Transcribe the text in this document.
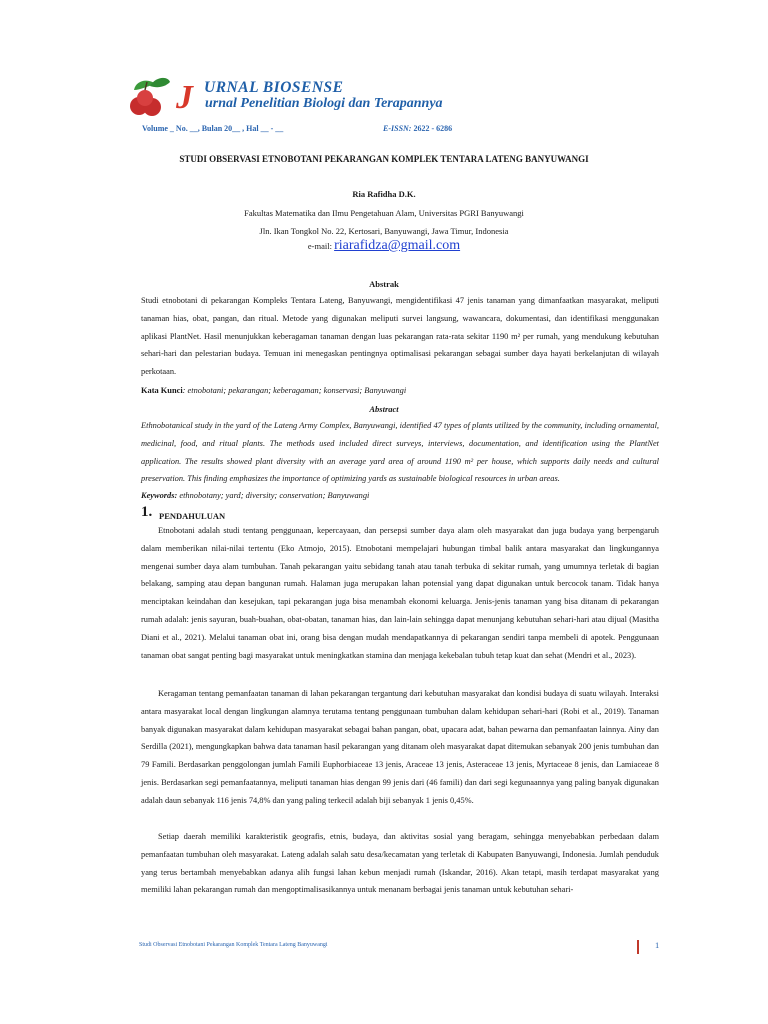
J URNAL BIOSENSE
urnal Penelitian Biologi dan Terapannya
Volume _ No. __, Bulan 20__ , Hal __ - __	E-ISSN: 2622 - 6286
STUDI OBSERVASI ETNOBOTANI PEKARANGAN KOMPLEK TENTARA LATENG BANYUWANGI
Ria Rafidha D.K.
Fakultas Matematika dan Ilmu Pengetahuan Alam, Universitas PGRI Banyuwangi
Jln. Ikan Tongkol No. 22, Kertosari, Banyuwangi, Jawa Timur, Indonesia
e-mail: riarafidza@gmail.com
Abstrak

Studi etnobotani di pekarangan Kompleks Tentara Lateng, Banyuwangi, mengidentifikasi 47 jenis tanaman yang dimanfaatkan masyarakat, meliputi tanaman hias, obat, pangan, dan ritual. Metode yang digunakan meliputi survei langsung, wawancara, dokumentasi, dan identifikasi menggunakan aplikasi PlantNet. Hasil menunjukkan keberagaman tanaman dengan luas pekarangan rata-rata sekitar 1190 m² per rumah, yang mendukung kebutuhan sehari-hari dan pelestarian budaya. Temuan ini menegaskan pentingnya optimalisasi pekarangan sebagai sumber daya hayati berkelanjutan di wilayah perkotaan.

Kata Kunci: etnobotani; pekarangan; keberagaman; konservasi; Banyuwangi
Abstract

Ethnobotanical study in the yard of the Lateng Army Complex, Banyuwangi, identified 47 types of plants utilized by the community, including ornamental, medicinal, food, and ritual plants. The methods used included direct surveys, interviews, documentation, and identification using the PlantNet application. The results showed plant diversity with an average yard area of around 1190 m² per house, which supports daily needs and cultural preservation. This finding emphasizes the importance of optimizing yards as sustainable biological resources in urban areas.

Keywords: ethnobotany; yard; diversity; conservation; Banyuwangi
1. PENDAHULUAN

Etnobotani adalah studi tentang penggunaan, kepercayaan, dan persepsi sumber daya alam oleh masyarakat dan juga budaya yang berpengaruh dalam memberikan nilai-nilai tertentu (Eko Atmojo, 2015). Etnobotani mempelajari hubungan timbal balik antara masyarakat dan lingkungannya mengenai sumber daya alam tumbuhan. Tanah pekarangan yaitu sebidang tanah atau tanah terbuka di sekitar rumah, yang umumnya terletak di bagian belakang, samping atau depan bangunan rumah. Halaman juga merupakan lahan potensial yang dapat digunakan untuk bercocok tanam. Tidak hanya menciptakan keindahan dan kesejukan, tapi pekarangan juga bisa menambah ekonomi keluarga. Jenis-jenis tanaman yang bisa ditanam di pekarangan rumah adalah: jenis sayuran, buah-buahan, obat-obatan, tanaman hias, dan lain-lain sehingga dapat menunjang kebutuhan sehari-hari atau dijual (Masitha Diani et al., 2021). Melalui tanaman obat ini, orang bisa dengan mudah mendapatkannya di pekarangan sendiri tanpa membeli di apotek. Penggunaan tanaman obat sangat penting bagi masyarakat untuk meningkatkan stamina dan menjaga kekebalan tubuh tetap kuat dan sehat (Mendri et al., 2023).

Keragaman tentang pemanfaatan tanaman di lahan pekarangan tergantung dari kebutuhan masyarakat dan kondisi budaya di suatu wilayah. Interaksi antara masyarakat local dengan lingkungan alamnya terutama tentang penggunaan tumbuhan dalam kehidupan sehari-hari (Robi et al., 2019). Tanaman banyak digunakan masyarakat dalam kehidupan masyarakat sebagai bahan pangan, obat, upacara adat, bahan pewarna dan pemanfaatan lainnya. Ainy dan Serdilla (2021), mengungkapkan bahwa data tanaman hasil pekarangan yang ditanam oleh masyarakat dapat ditemukan sebanyak 200 jenis tumbuhan dan 79 Famili. Berdasarkan penggolongan jumlah Famili Euphorbiaceae 13 jenis, Araceae 13 jenis, Asteraceae 13 jenis, Myrtaceae 8 jenis, dan Lamiaceae 8 jenis. Berdasarkan segi pemanfaatannya, meliputi tanaman hias dengan 99 jenis dari (46 famili) dan dari segi kegunaannya yang paling banyak digunakan adalah daun sebanyak 116 jenis 74,8% dan yang paling terkecil adalah biji sebanyak 1 jenis 0,45%.

Setiap daerah memiliki karakteristik geografis, etnis, budaya, dan aktivitas sosial yang beragam, sehingga menyebabkan perbedaan dalam pemanfaatan tumbuhan oleh masyarakat. Lateng adalah salah satu desa/kecamatan yang terletak di Kabupaten Banyuwangi, Indonesia. Jumlah penduduk yang terus bertambah menyebabkan adanya alih fungsi lahan kebun menjadi rumah (Iskandar, 2016). Akan tetapi, masih terdapat masyarakat yang memiliki lahan pekarangan rumah dan mengoptimalisasikannya untuk menanam berbagai jenis tanaman untuk kebutuhan sehari-

Studi Observasi Etnobotani Pekarangan Komplek Tentara Lateng Banyuwangi	1
